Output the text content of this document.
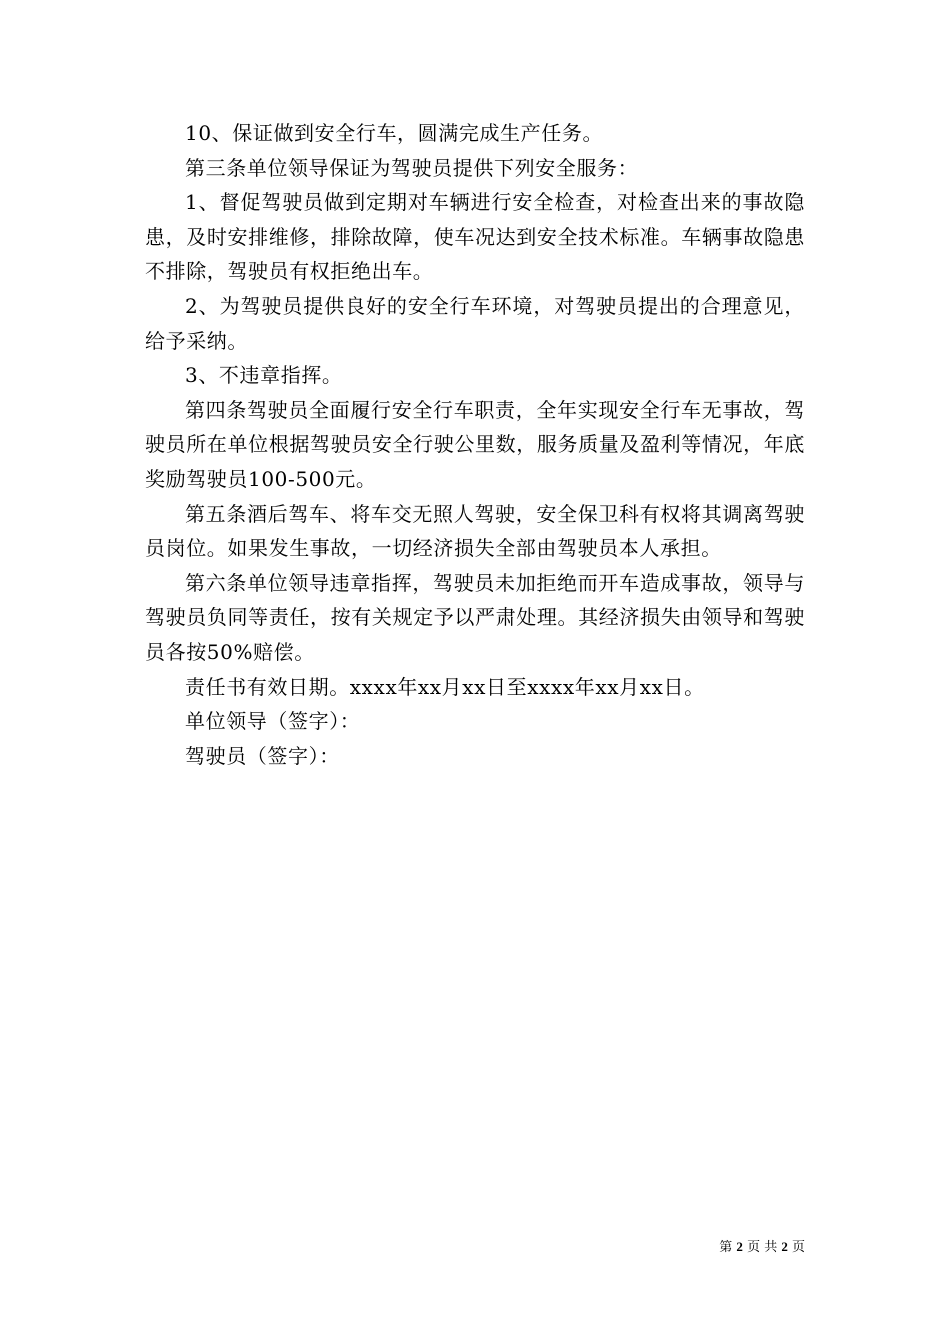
10、保证做到安全行车，圆满完成生产任务。

第三条单位领导保证为驾驶员提供下列安全服务：

1、督促驾驶员做到定期对车辆进行安全检查，对检查出来的事故隐患，及时安排维修，排除故障，使车况达到安全技术标准。车辆事故隐患不排除，驾驶员有权拒绝出车。

2、为驾驶员提供良好的安全行车环境，对驾驶员提出的合理意见，给予采纳。

3、不违章指挥。

第四条驾驶员全面履行安全行车职责，全年实现安全行车无事故，驾驶员所在单位根据驾驶员安全行驶公里数，服务质量及盈利等情况，年底奖励驾驶员100-500元。

第五条酒后驾车、将车交无照人驾驶，安全保卫科有权将其调离驾驶员岗位。如果发生事故，一切经济损失全部由驾驶员本人承担。

第六条单位领导违章指挥，驾驶员未加拒绝而开车造成事故，领导与驾驶员负同等责任，按有关规定予以严肃处理。其经济损失由领导和驾驶员各按50%赔偿。

责任书有效日期。xxxx年xx月xx日至xxxx年xx月xx日。

单位领导（签字）：

驾驶员（签字）：

第 2 页 共 2 页
